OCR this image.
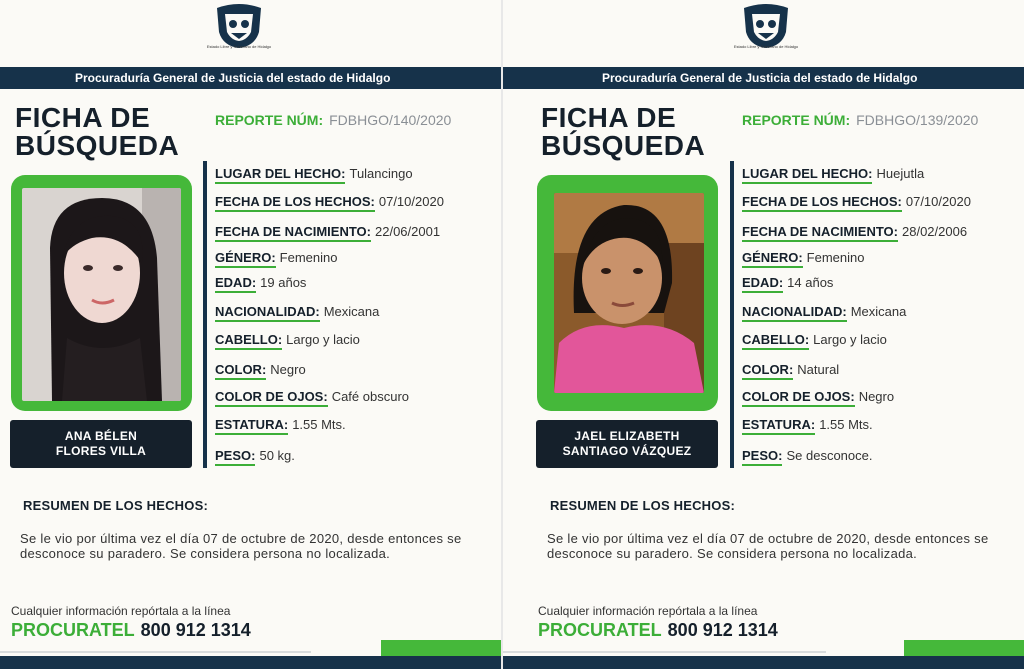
Estado Libre y Soberano de Hidalgo
Procuraduría General de Justicia del estado de Hidalgo
FICHA DE
BÚSQUEDA
REPORTE NÚM: FDBHGO/140/2020
ANA BÉLEN
FLORES VILLA
LUGAR DEL HECHO: Tulancingo
FECHA DE LOS HECHOS: 07/10/2020
FECHA DE NACIMIENTO: 22/06/2001
GÉNERO: Femenino
EDAD: 19 años
NACIONALIDAD: Mexicana
CABELLO: Largo y lacio
COLOR: Negro
COLOR DE OJOS: Café obscuro
ESTATURA: 1.55 Mts.
PESO: 50 kg.
RESUMEN DE LOS HECHOS:
Se le vio por última vez el día 07 de octubre de 2020, desde entonces se desconoce su paradero. Se considera persona no localizada.
Cualquier información repórtala a la línea
PROCURATEL 800 912 1314
Estado Libre y Soberano de Hidalgo
Procuraduría General de Justicia del estado de Hidalgo
FICHA DE
BÚSQUEDA
REPORTE NÚM: FDBHGO/139/2020
JAEL ELIZABETH
SANTIAGO VÁZQUEZ
LUGAR DEL HECHO: Huejutla
FECHA DE LOS HECHOS: 07/10/2020
FECHA DE NACIMIENTO: 28/02/2006
GÉNERO: Femenino
EDAD: 14 años
NACIONALIDAD: Mexicana
CABELLO: Largo y lacio
COLOR: Natural
COLOR DE OJOS: Negro
ESTATURA: 1.55 Mts.
PESO: Se desconoce.
RESUMEN DE LOS HECHOS:
Se le vio por última vez el día 07 de octubre de 2020, desde entonces se desconoce su paradero. Se considera persona no localizada.
Cualquier información repórtala a la línea
PROCURATEL 800 912 1314
